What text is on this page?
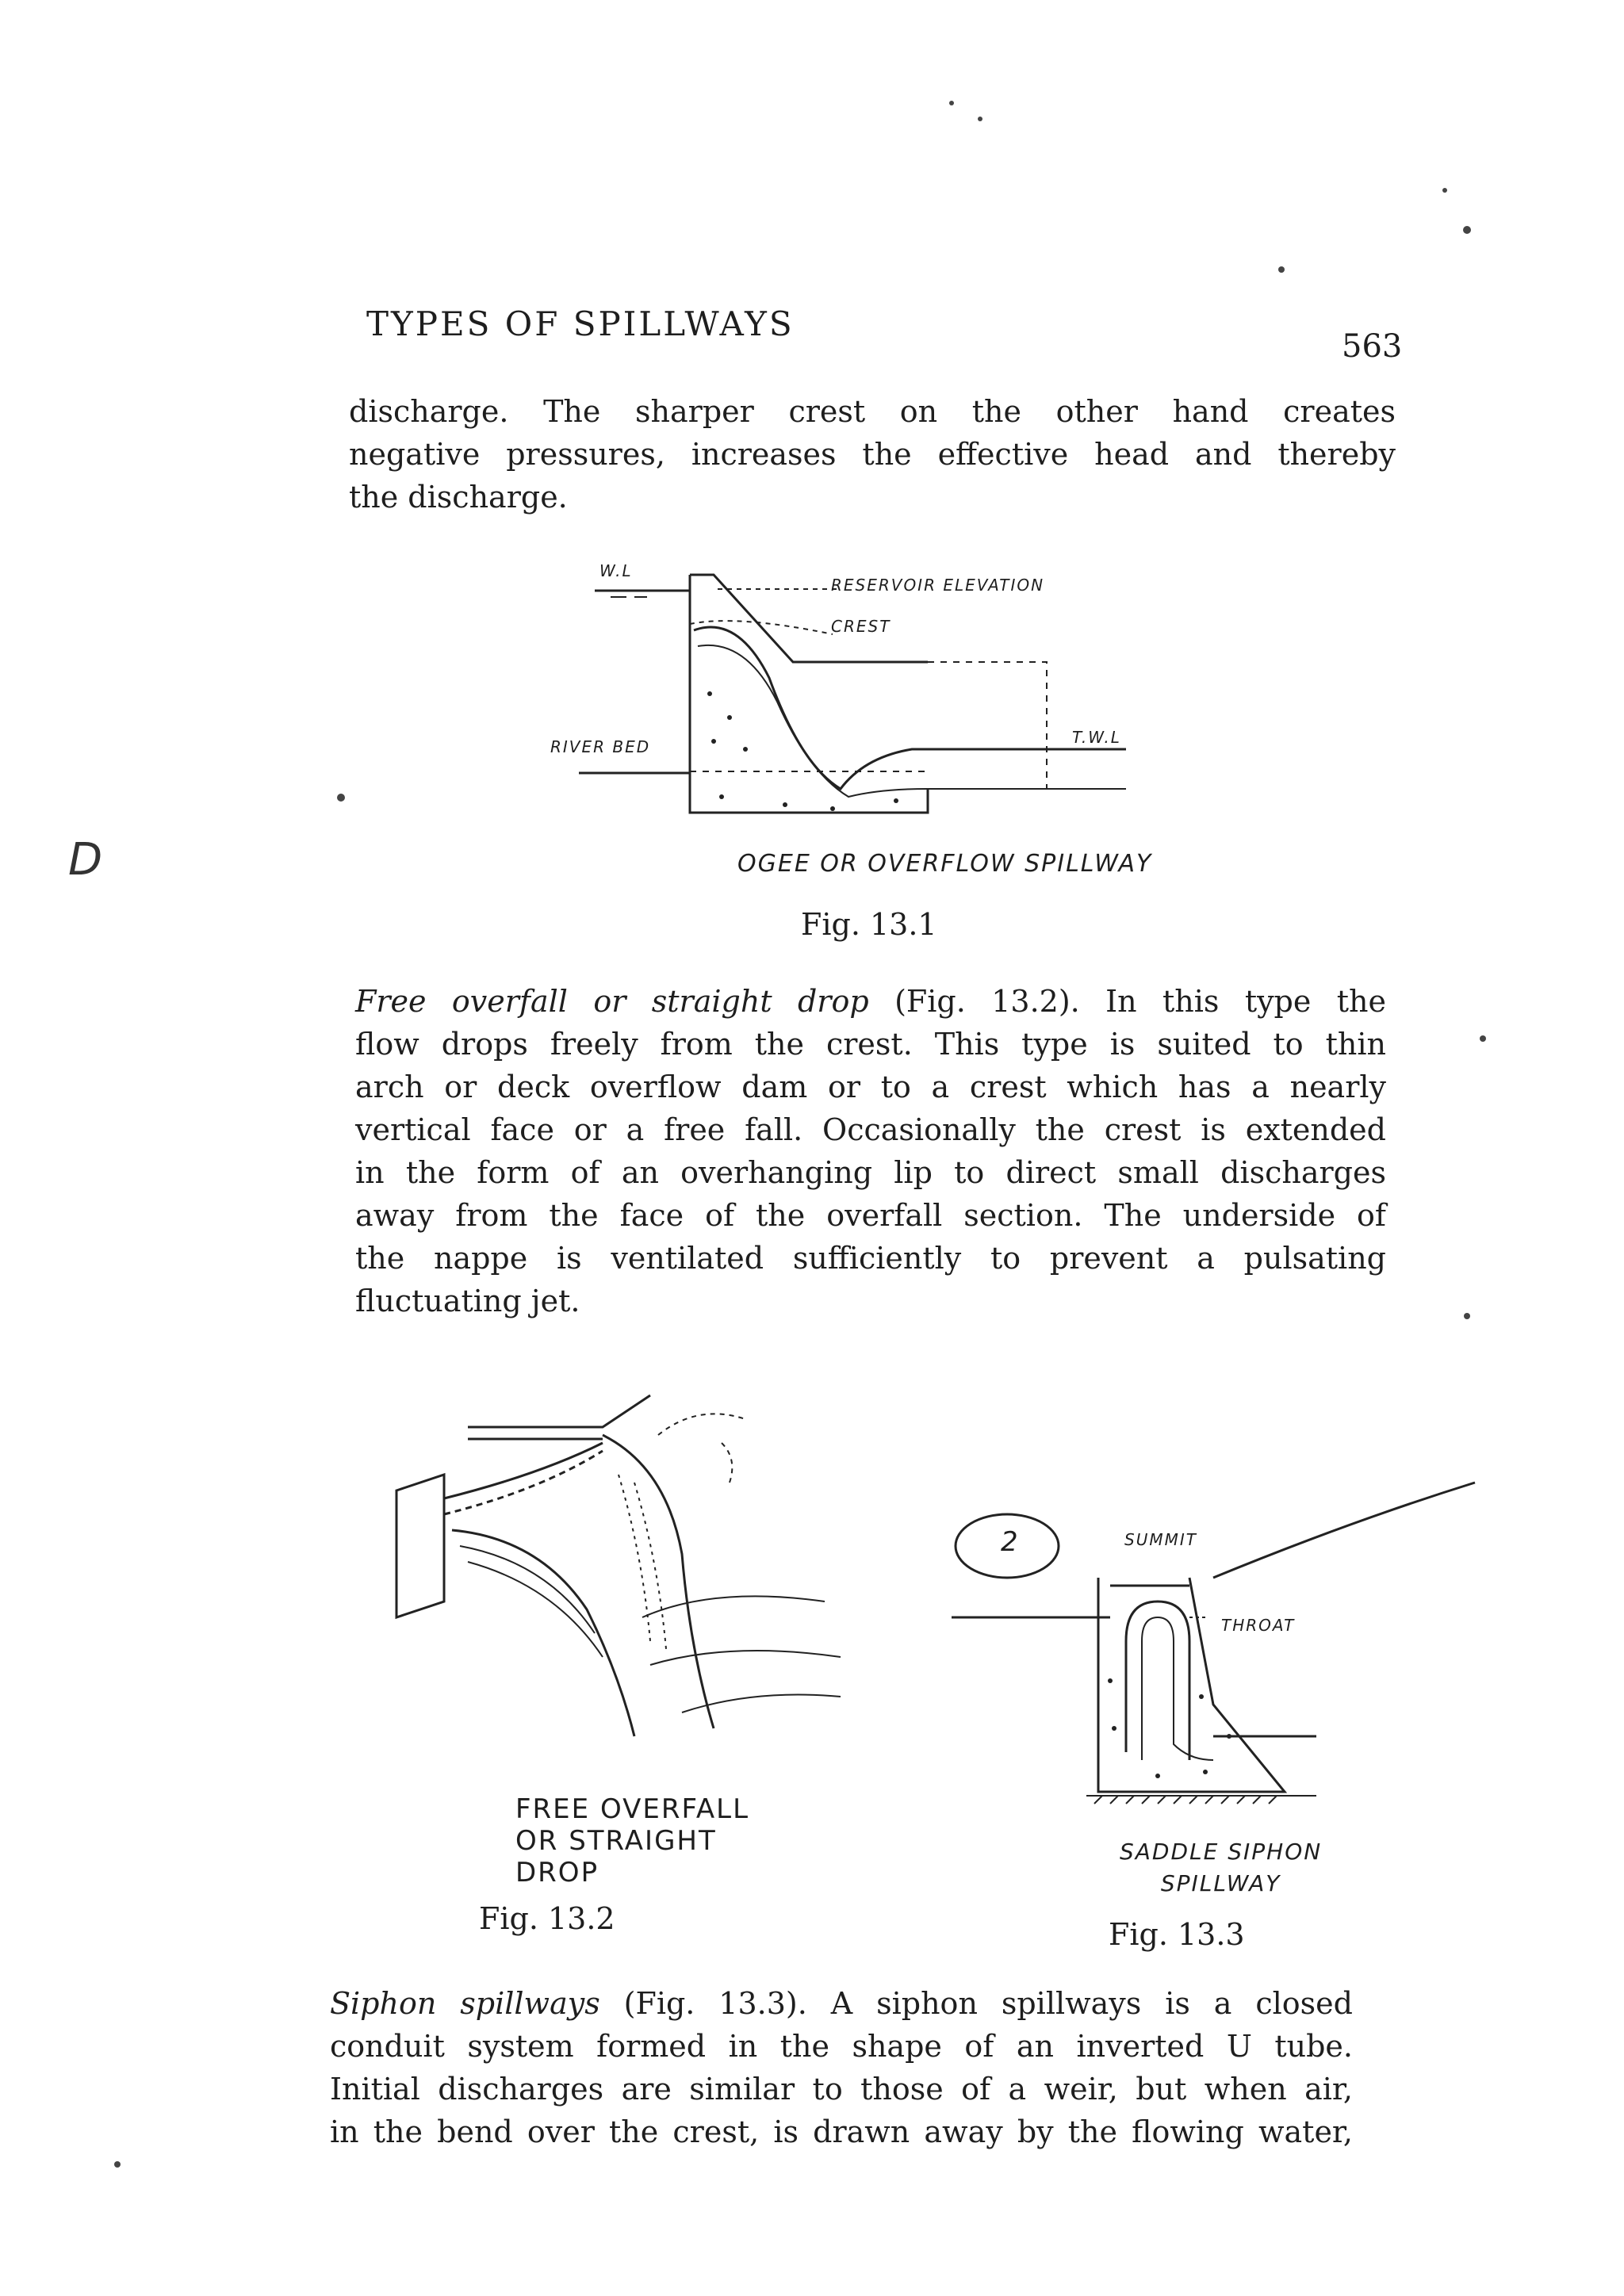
TYPES OF SPILLWAYS
563

discharge. The sharper crest on the other hand creates

negative pressures, increases the effective head and thereby

the discharge.

W.L
RESERVOIR ELEVATION
CREST
RIVER BED	T.W.L
OGEE OR OVERFLOW SPILLWAY
Fig. 13.1

Free overfall or straight drop (Fig. 13.2). In this type the

flow drops freely from the crest. This type is suited to thin

arch or deck overflow dam or to a crest which has a nearly

vertical face or a free fall. Occasionally the crest is extended

in the form of an overhanging lip to direct small discharges

away from the face of the overfall section. The underside of

the nappe is ventilated sufficiently to prevent a pulsating

fluctuating jet.

FREE OVERFALL
OR STRAIGHT
DROP
Fig. 13.2
2	SUMMIT
THROAT
SADDLE SIPHON
SPILLWAY
Fig. 13.3

Siphon spillways (Fig. 13.3). A siphon spillways is a closed

conduit system formed in the shape of an inverted U tube.

Initial discharges are similar to those of a weir, but when air,

in the bend over the crest, is drawn away by the flowing water,

D
